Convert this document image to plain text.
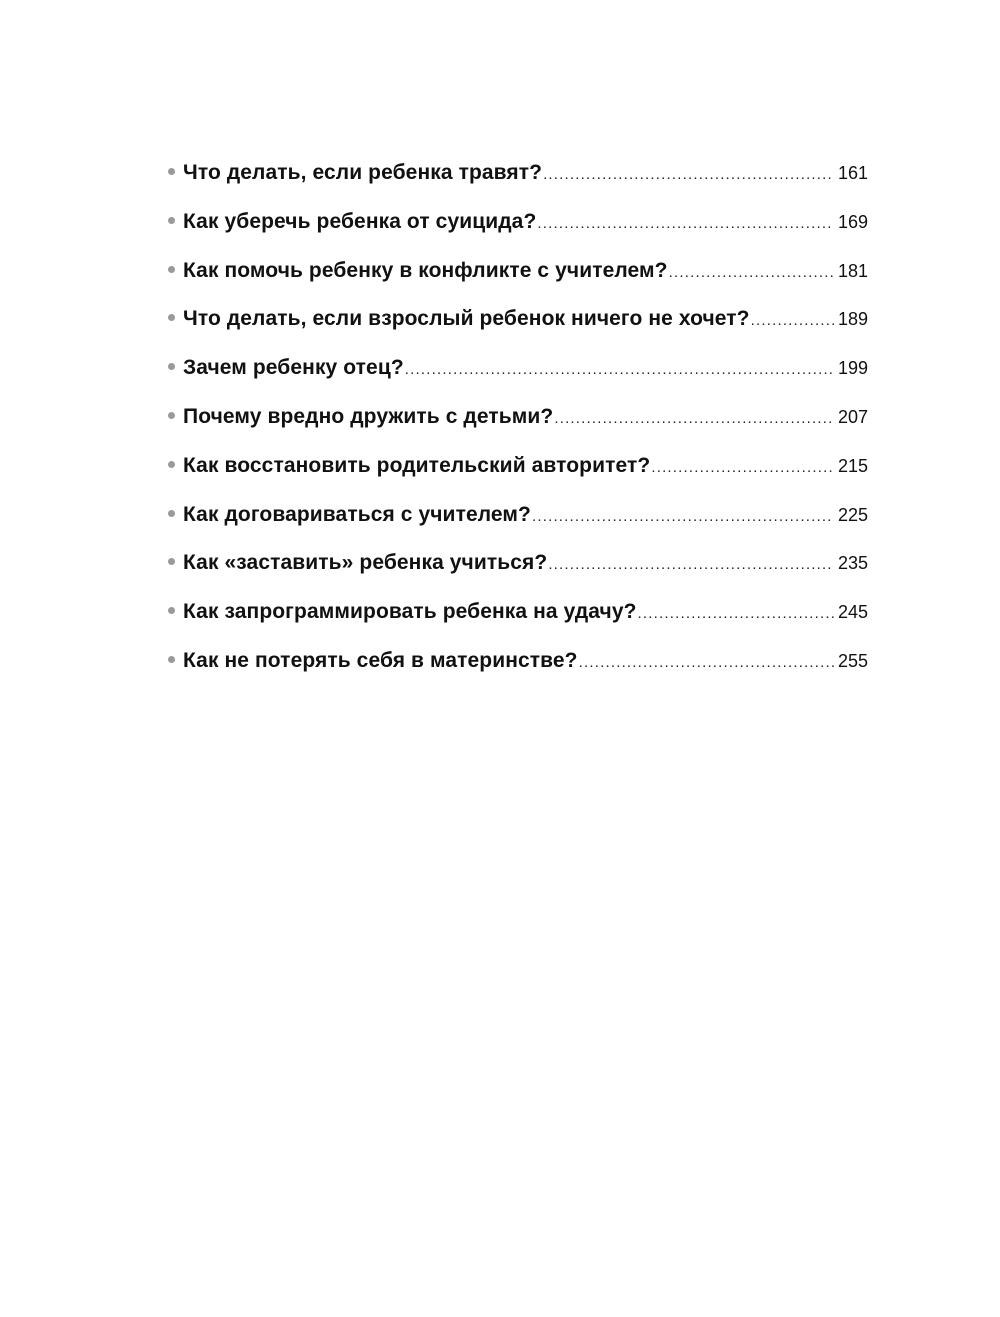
Что делать, если ребенка травят? .....	161
Как уберечь ребенка от суицида? .....	169
Как помочь ребенку в конфликте с учителем? .....	181
Что делать, если взрослый ребенок ничего не хочет? .....	189
Зачем ребенку отец? .....	199
Почему вредно дружить с детьми? .....	207
Как восстановить родительский авторитет? .....	215
Как договариваться с учителем? .....	225
Как «заставить» ребенка учиться? .....	235
Как запрограммировать ребенка на удачу? .....	245
Как не потерять себя в материнстве? .....	255
